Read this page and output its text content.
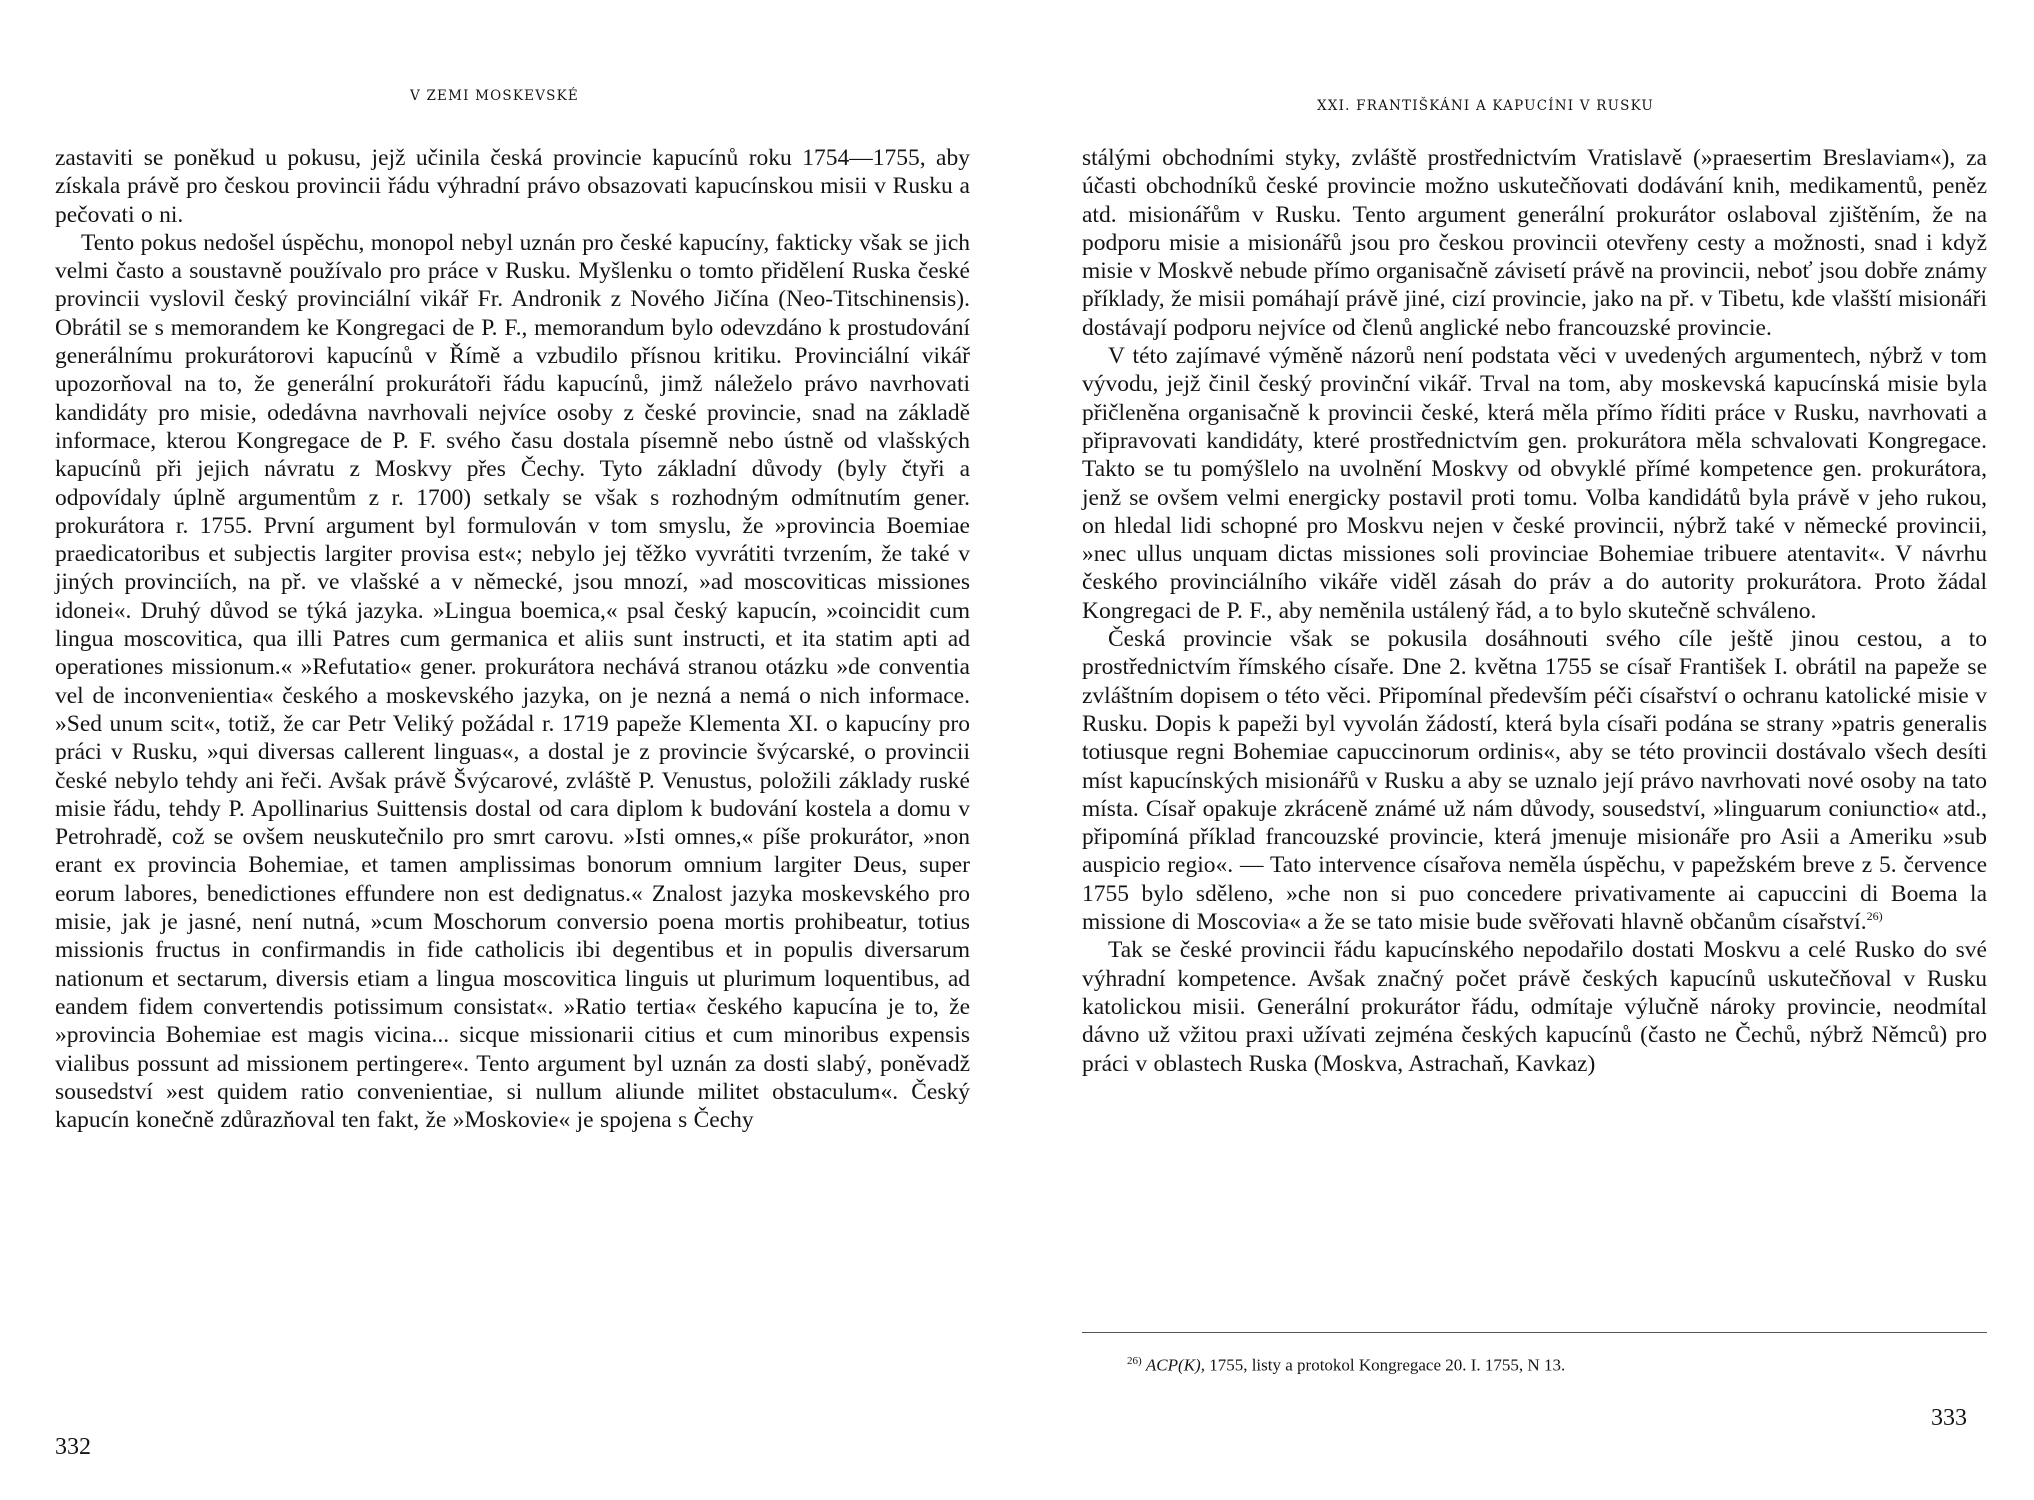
V ZEMI MOSKEVSKÉ

zastaviti se poněkud u pokusu, jejž učinila česká provincie kapucínů roku 1754—1755, aby získala právě pro českou provincii řádu výhradní právo obsazovati kapucínskou misii v Rusku a pečovati o ni.

Tento pokus nedošel úspěchu, monopol nebyl uznán pro české kapucíny, fakticky však se jich velmi často a soustavně používalo pro práce v Rusku. Myšlenku o tomto přidělení Ruska české provincii vyslovil český provinciální vikář Fr. Andronik z Nového Jičína (Neo-Titschinensis). Obrátil se s memorandem ke Kongregaci de P. F., memorandum bylo odevzdáno k prostudování generálnímu prokurátorovi kapucínů v Římě a vzbudilo přísnou kritiku. Provinciální vikář upozorňoval na to, že generální prokurátoři řádu kapucínů, jimž náleželo právo navrhovati kandidáty pro misie, odedávna navrhovali nejvíce osoby z české provincie, snad na základě informace, kterou Kongregace de P. F. svého času dostala písemně nebo ústně od vlašských kapucínů při jejich návratu z Moskvy přes Čechy. Tyto základní důvody (byly čtyři a odpovídaly úplně argumentům z r. 1700) setkaly se však s rozhodným odmítnutím gener. prokurátora r. 1755. První argument byl formulován v tom smyslu, že »provincia Boemiae praedicatoribus et subjectis largiter provisa est«; nebylo jej těžko vyvrátiti tvrzením, že také v jiných provinciích, na př. ve vlašské a v německé, jsou mnozí, »ad moscoviticas missiones idonei«. Druhý důvod se týká jazyka. »Lingua boemica,« psal český kapucín, »coincidit cum lingua moscovitica, qua illi Patres cum germanica et aliis sunt instructi, et ita statim apti ad operationes missionum.« »Refutatio« gener. prokurátora nechává stranou otázku »de conventia vel de inconvenientia« českého a moskevského jazyka, on je nezná a nemá o nich informace. »Sed unum scit«, totiž, že car Petr Veliký požádal r. 1719 papeže Klementa XI. o kapucíny pro práci v Rusku, »qui diversas callerent linguas«, a dostal je z provincie švýcarské, o provincii české nebylo tehdy ani řeči. Avšak právě Švýcarové, zvláště P. Venustus, položili základy ruské misie řádu, tehdy P. Apollinarius Suittensis dostal od cara diplom k budování kostela a domu v Petrohradě, což se ovšem neuskutečnilo pro smrt carovu. »Isti omnes,« píše prokurátor, »non erant ex provincia Bohemiae, et tamen amplissimas bonorum omnium largiter Deus, super eorum labores, benedictiones effundere non est dedignatus.« Znalost jazyka moskevského pro misie, jak je jasné, není nutná, »cum Moschorum conversio poena mortis prohibeatur, totius missionis fructus in confirmandis in fide catholicis ibi degentibus et in populis diversarum nationum et sectarum, diversis etiam a lingua moscovitica linguis ut plurimum loquentibus, ad eandem fidem convertendis potissimum consistat«. »Ratio tertia« českého kapucína je to, že »provincia Bohemiae est magis vicina... sicque missionarii citius et cum minoribus expensis vialibus possunt ad missionem pertingere«. Tento argument byl uznán za dosti slabý, poněvadž sousedství »est quidem ratio convenientiae, si nullum aliunde militet obstaculum«. Český kapucín konečně zdůrazňoval ten fakt, že »Moskovie« je spojena s Čechy

332
XXI. FRANTIŠKÁNI A KAPUCÍNI V RUSKU

stálými obchodními styky, zvláště prostřednictvím Vratislavě (»praesertim Breslaviam«), za účasti obchodníků české provincie možno uskutečňovati dodávání knih, medikamentů, peněz atd. misionářům v Rusku. Tento argument generální prokurátor oslaboval zjištěním, že na podporu misie a misionářů jsou pro českou provincii otevřeny cesty a možnosti, snad i když misie v Moskvě nebude přímo organisačně závisetí právě na provincii, neboť jsou dobře známy příklady, že misii pomáhají právě jiné, cizí provincie, jako na př. v Tibetu, kde vlašští misionáři dostávají podporu nejvíce od členů anglické nebo francouzské provincie.

V této zajímavé výměně názorů není podstata věci v uvedených argumentech, nýbrž v tom vývodu, jejž činil český provinční vikář. Trval na tom, aby moskevská kapucínská misie byla přičleněna organisačně k provincii české, která měla přímo říditi práce v Rusku, navrhovati a připravovati kandidáty, které prostřednictvím gen. prokurátora měla schvalovati Kongregace. Takto se tu pomýšlelo na uvolnění Moskvy od obvyklé přímé kompetence gen. prokurátora, jenž se ovšem velmi energicky postavil proti tomu. Volba kandidátů byla právě v jeho rukou, on hledal lidi schopné pro Moskvu nejen v české provincii, nýbrž také v německé provincii, »nec ullus unquam dictas missiones soli provinciae Bohemiae tribuere atentavit«. V návrhu českého provinciálního vikáře viděl zásah do práv a do autority prokurátora. Proto žádal Kongregaci de P. F., aby neměnila ustálený řád, a to bylo skutečně schváleno.

Česká provincie však se pokusila dosáhnouti svého cíle ještě jinou cestou, a to prostřednictvím římského císaře. Dne 2. května 1755 se císař František I. obrátil na papeže se zvláštním dopisem o této věci. Připomínal především péči císařství o ochranu katolické misie v Rusku. Dopis k papeži byl vyvolán žádostí, která byla císaři podána se strany »patris generalis totiusque regni Bohemiae capuccinorum ordinis«, aby se této provincii dostávalo všech desíti míst kapucínských misionářů v Rusku a aby se uznalo její právo navrhovati nové osoby na tato místa. Císař opakuje zkráceně známé už nám důvody, sousedství, »linguarum coniunctio« atd., připomíná příklad francouzské provincie, která jmenuje misionáře pro Asii a Ameriku »sub auspicio regio«. — Tato intervence císařova neměla úspěchu, v papežském breve z 5. července 1755 bylo sděleno, »che non si puo concedere privativamente ai capuccini di Boema la missione di Moscovia« a že se tato misie bude svěřovati hlavně občanům císařství.$^{26)}$

Tak se české provincii řádu kapucínského nepodařilo dostati Moskvu a celé Rusko do své výhradní kompetence. Avšak značný počet právě českých kapucínů uskutečňoval v Rusku katolickou misii. Generální prokurátor řádu, odmítaje výlučně nároky provincie, neodmítal dávno už vžitou praxi užívati zejména českých kapucínů (často ne Čechů, nýbrž Němců) pro práci v oblastech Ruska (Moskva, Astrachaň, Kavkaz)

$^{26)}$ ACP(K), 1755, listy a protokol Kongregace 20. I. 1755, N 13.
333
